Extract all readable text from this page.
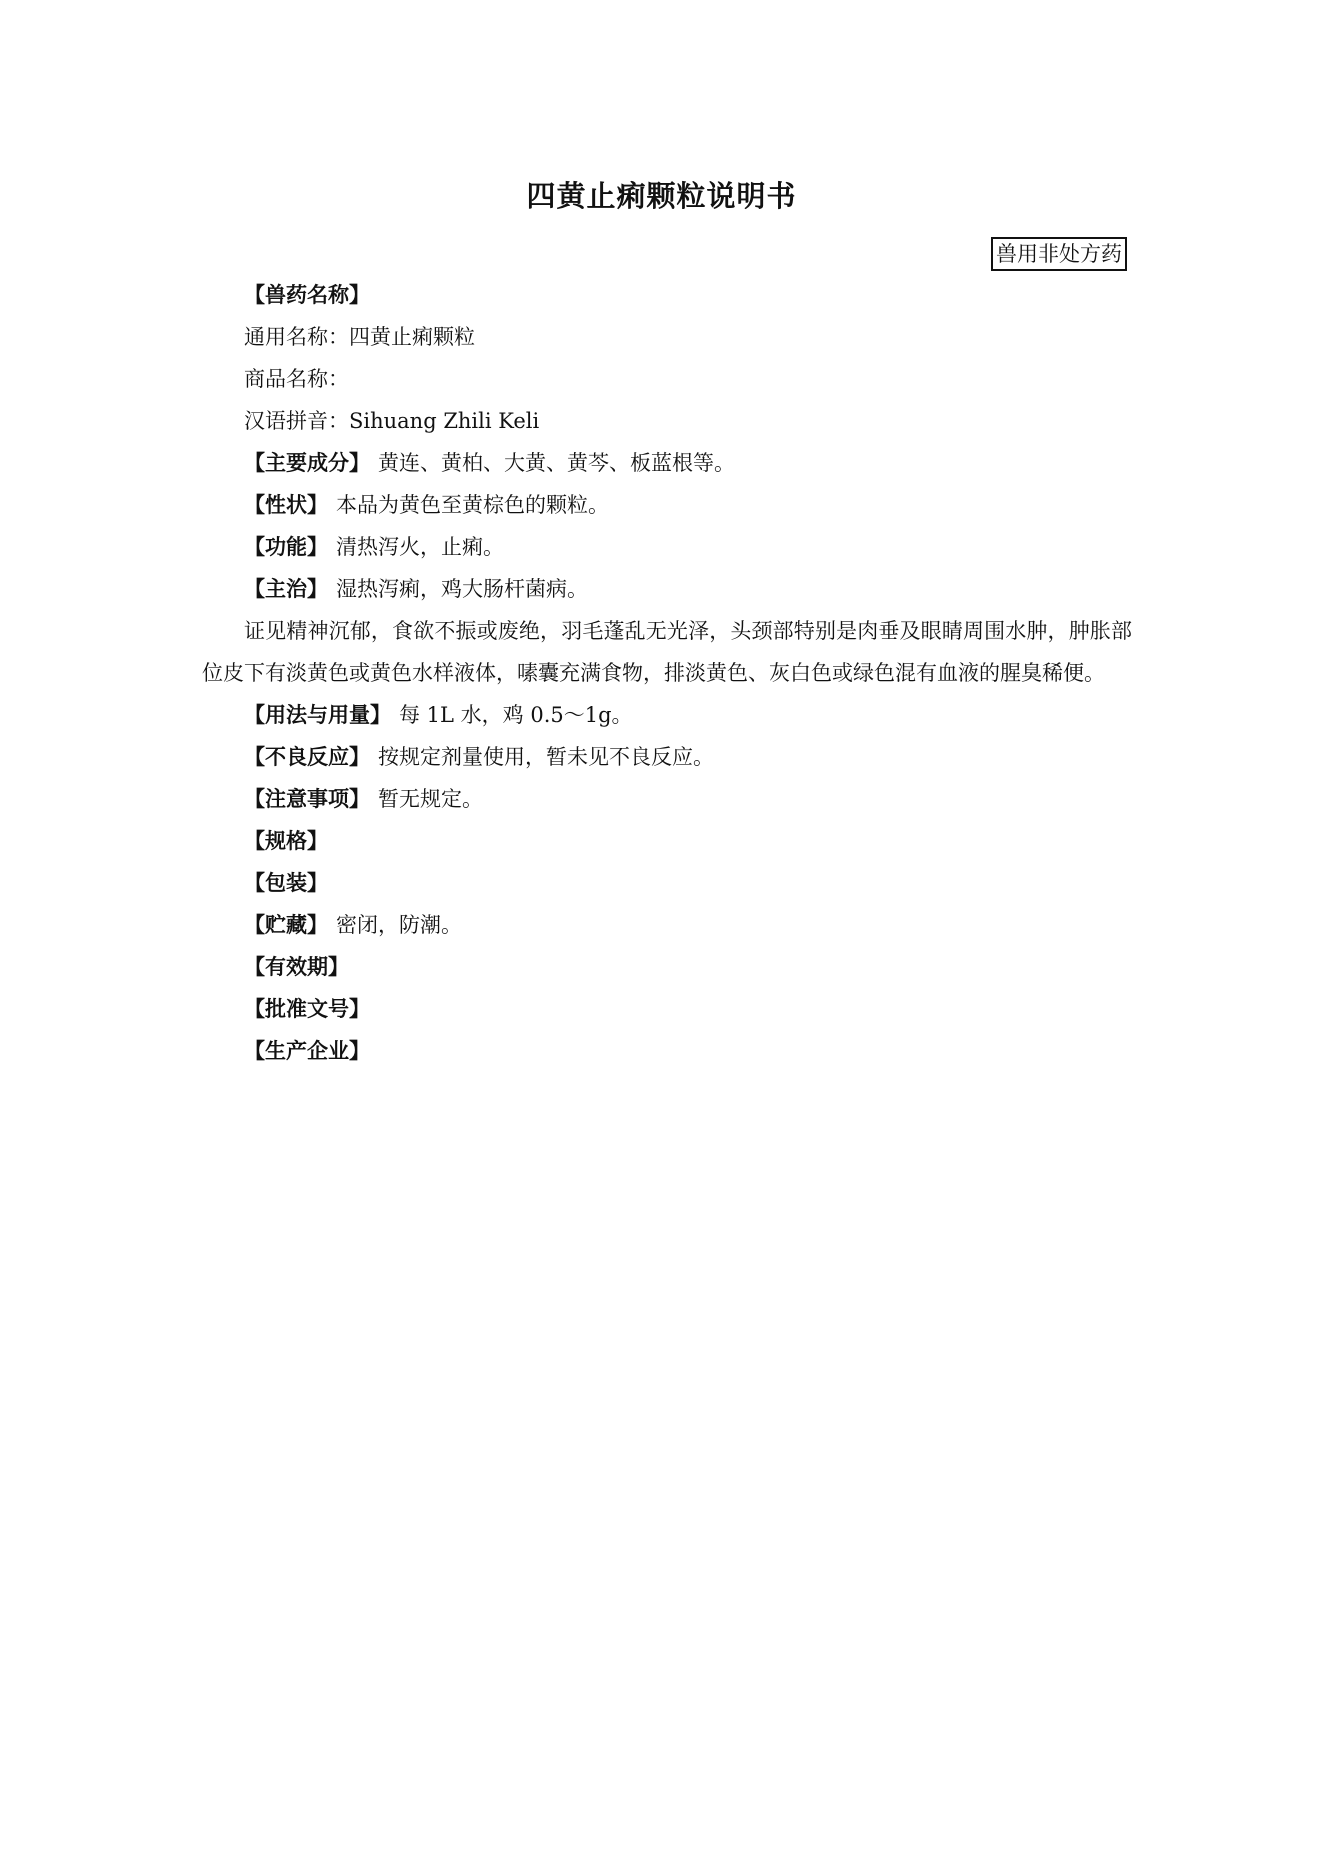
四黄止痢颗粒说明书
兽用非处方药
【兽药名称】
通用名称：四黄止痢颗粒
商品名称：
汉语拼音：Sihuang Zhili Keli
【主要成分】 黄连、黄柏、大黄、黄芩、板蓝根等。
【性状】 本品为黄色至黄棕色的颗粒。
【功能】 清热泻火，止痢。
【主治】 湿热泻痢，鸡大肠杆菌病。

证见精神沉郁，食欲不振或废绝，羽毛蓬乱无光泽，头颈部特别是肉垂及眼睛周围水肿，肿胀部位皮下有淡黄色或黄色水样液体，嗉囊充满食物，排淡黄色、灰白色或绿色混有血液的腥臭稀便。

【用法与用量】 每 1L 水，鸡 0.5～1g。
【不良反应】 按规定剂量使用，暂未见不良反应。
【注意事项】 暂无规定。
【规格】
【包装】
【贮藏】 密闭，防潮。
【有效期】
【批准文号】
【生产企业】
